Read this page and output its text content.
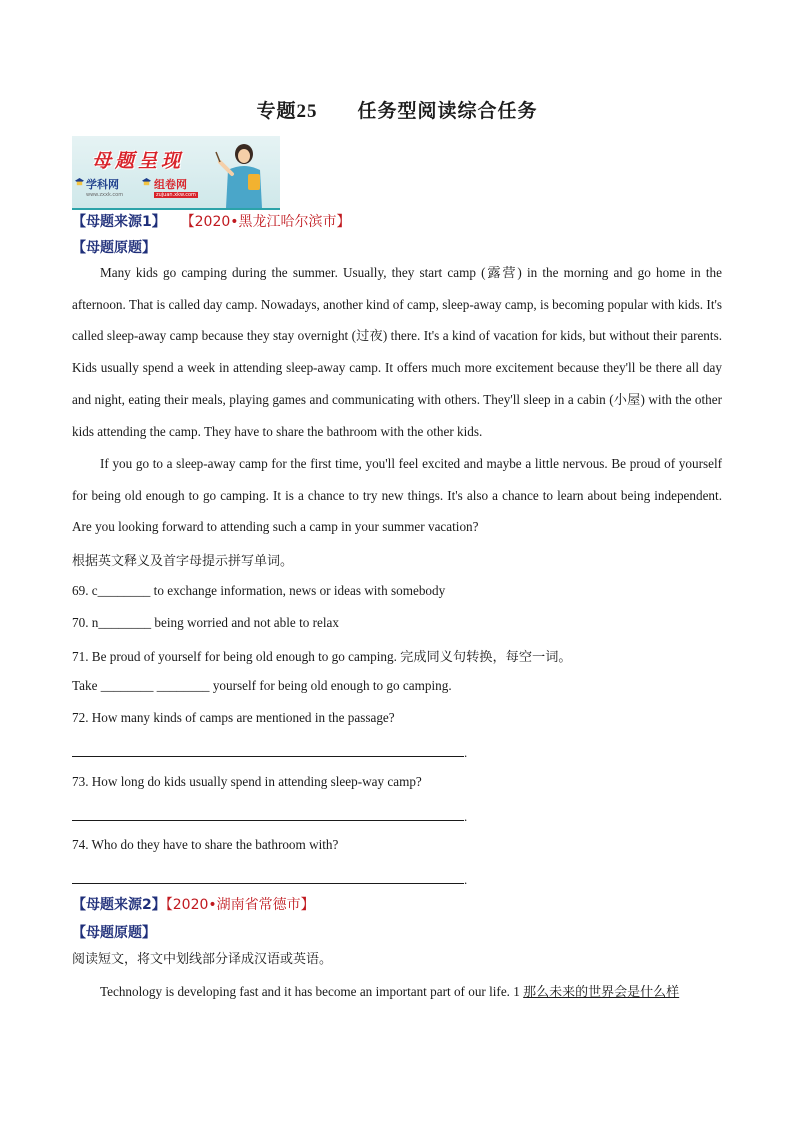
专题25 任务型阅读综合任务
母题呈现
学科网
www.zxxk.com
组卷网
zujuan.xkw.com
【母题来源1】 【2020•黑龙江哈尔滨市】
【母题原题】
Many kids go camping during the summer. Usually, they start camp (露营) in the morning and go home in the afternoon. That is called day camp. Nowadays, another kind of camp, sleep-away camp, is becoming popular with kids. It's called sleep-away camp because they stay overnight (过夜) there. It's a kind of vacation for kids, but without their parents. Kids usually spend a week in attending sleep-away camp. It offers much more excitement because they'll be there all day and night, eating their meals, playing games and communicating with others. They'll sleep in a cabin (小屋) with the other kids attending the camp. They have to share the bathroom with the other kids.
If you go to a sleep-away camp for the first time, you'll feel excited and maybe a little nervous. Be proud of yourself for being old enough to go camping. It is a chance to try new things. It's also a chance to learn about being independent. Are you looking forward to attending such a camp in your summer vacation?
根据英文释义及首字母提示拼写单词。
69. c________ to exchange information, news or ideas with somebody
70. n________ being worried and not able to relax
71. Be proud of yourself for being old enough to go camping. 完成同义句转换，每空一词。
Take ________ ________ yourself for being old enough to go camping.
72. How many kinds of camps are mentioned in the passage?
.
73. How long do kids usually spend in attending sleep-way camp?
.
74. Who do they have to share the bathroom with?
.
【母题来源2】【2020•湖南省常德市】
【母题原题】
阅读短文，将文中划线部分译成汉语或英语。
Technology is developing fast and it has become an important part of our life. 1 那么未来的世界会是什么样
